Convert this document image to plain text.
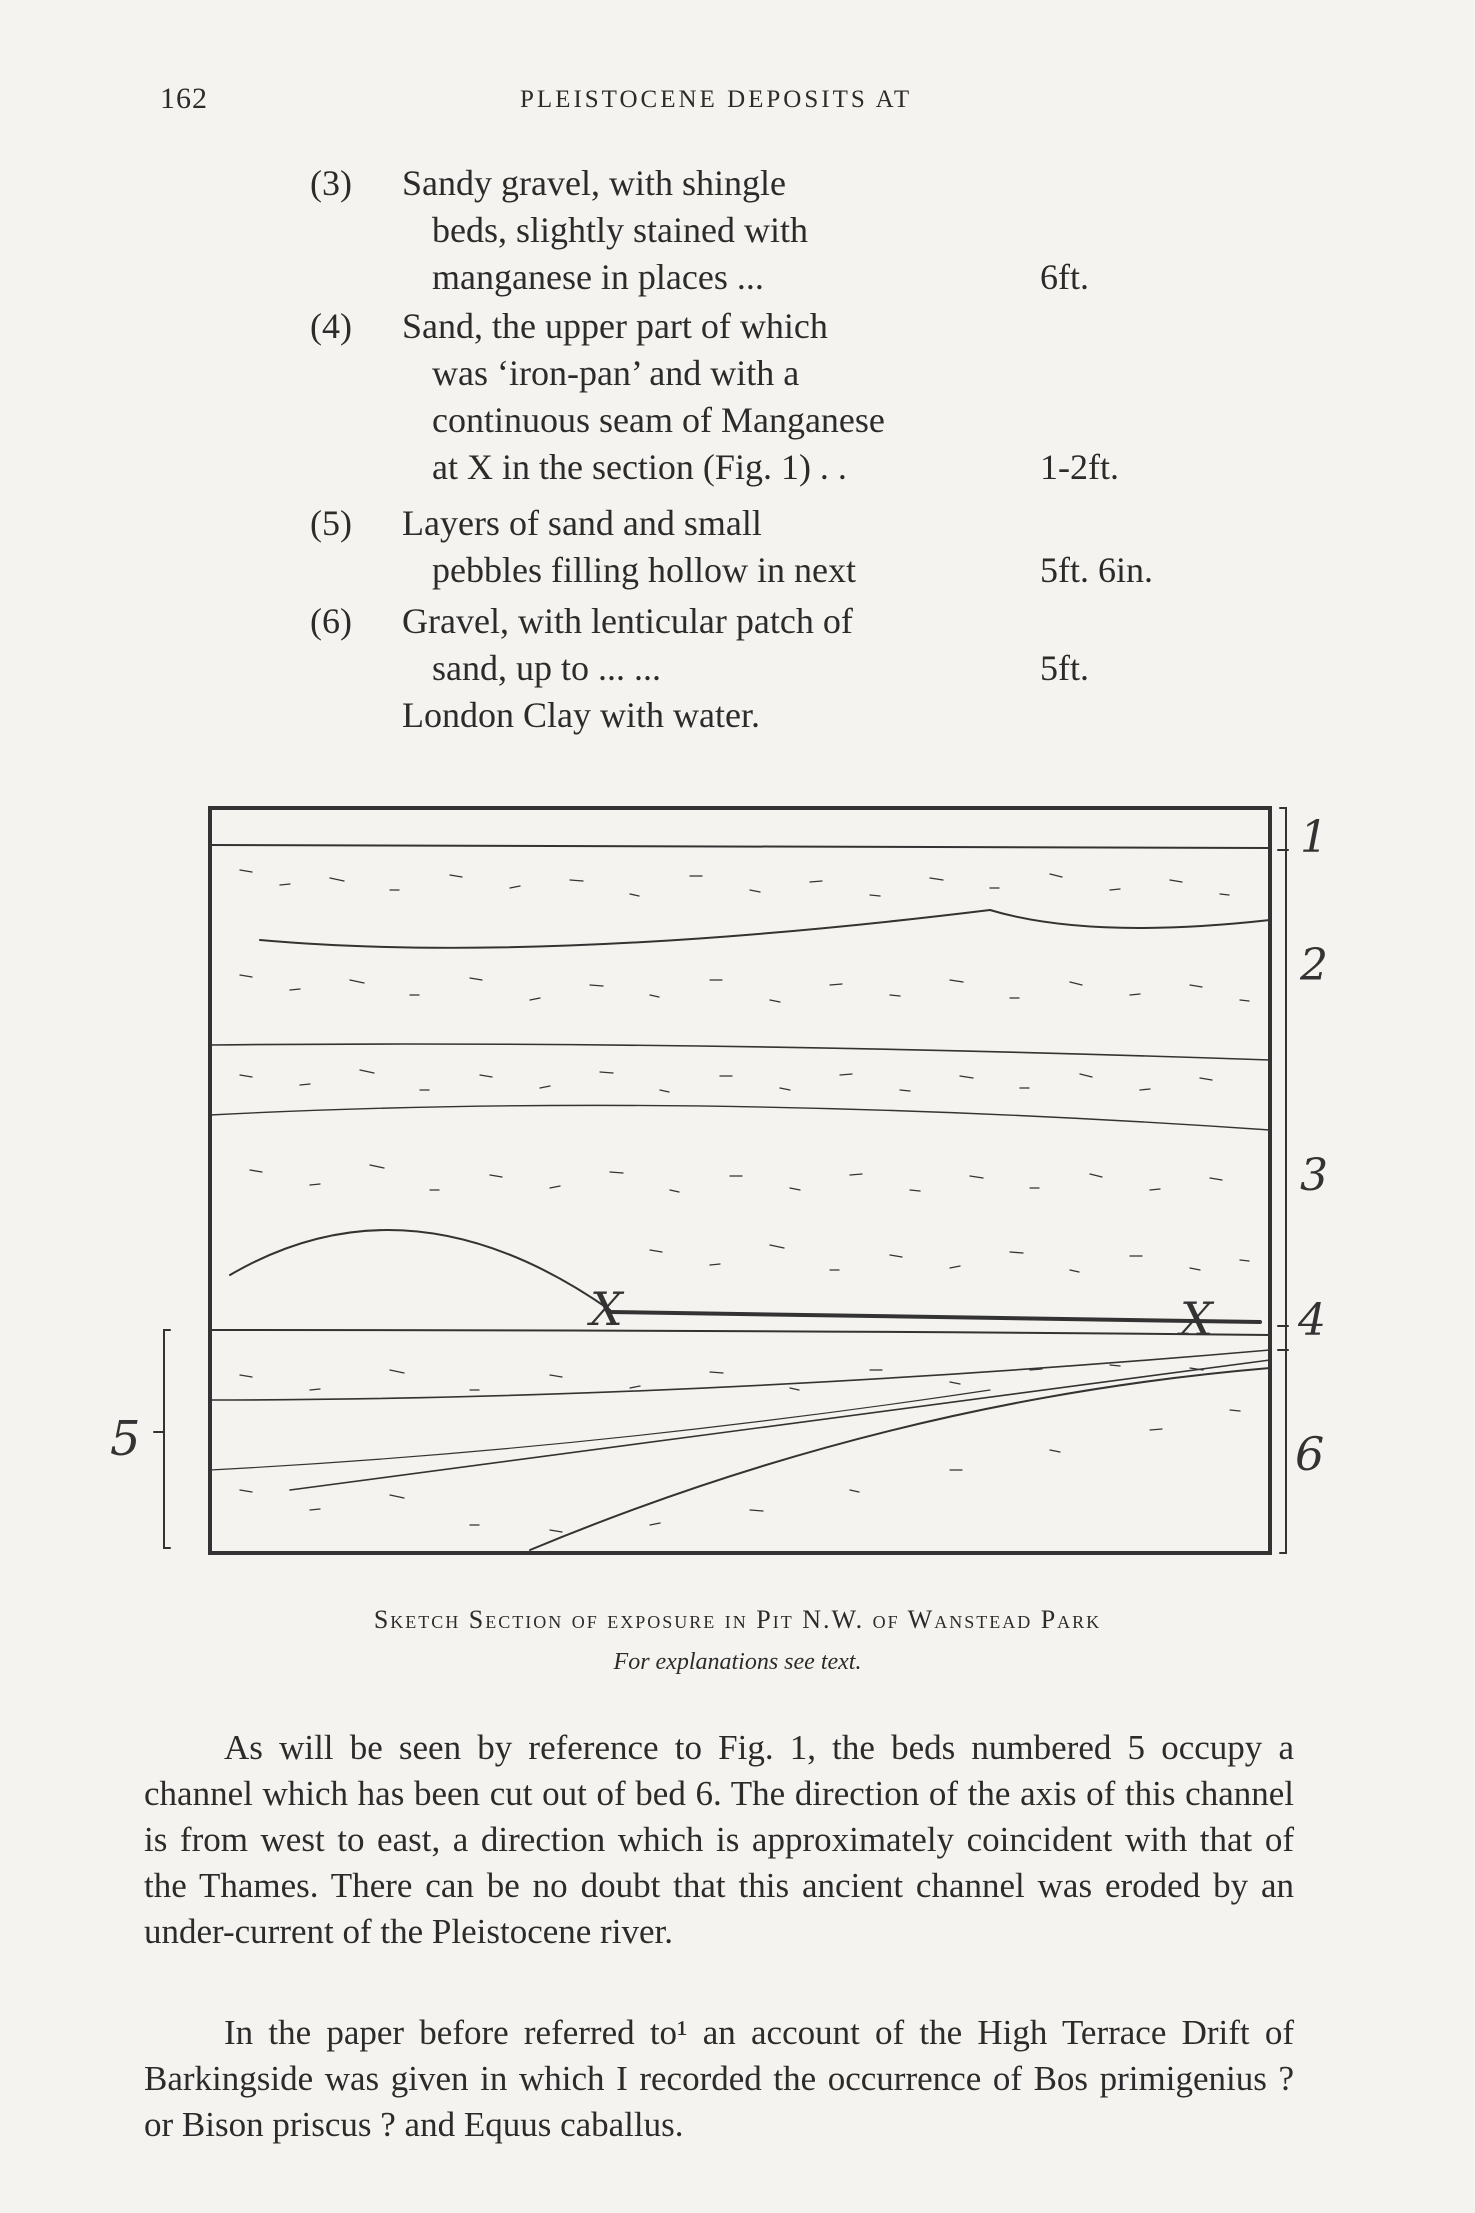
162	PLEISTOCENE DEPOSITS AT
(3)	Sandy gravel, with shingle
beds, slightly stained with
manganese in places ...	6ft.
(4)	Sand, the upper part of which
was ‘iron-pan’ and with a
continuous seam of Manganese
at X in the section (Fig. 1) . .	1-2ft.
(5)	Layers of sand and small
pebbles filling hollow in next	5ft. 6in.
(6)	Gravel, with lenticular patch of
sand, up to ... ...	5ft.
London Clay with water.
1
2
3
4
6
5
X	X
Sketch Section of exposure in Pit N.W. of Wanstead Park
For explanations see text.
As will be seen by reference to Fig. 1, the beds numbered 5 occupy a channel which has been cut out of bed 6. The direction of the axis of this channel is from west to east, a direction which is approximately coincident with that of the Thames. There can be no doubt that this ancient channel was eroded by an under-current of the Pleistocene river.
In the paper before referred to¹ an account of the High Terrace Drift of Barkingside was given in which I recorded the occurrence of Bos primigenius ? or Bison priscus ? and Equus caballus.
